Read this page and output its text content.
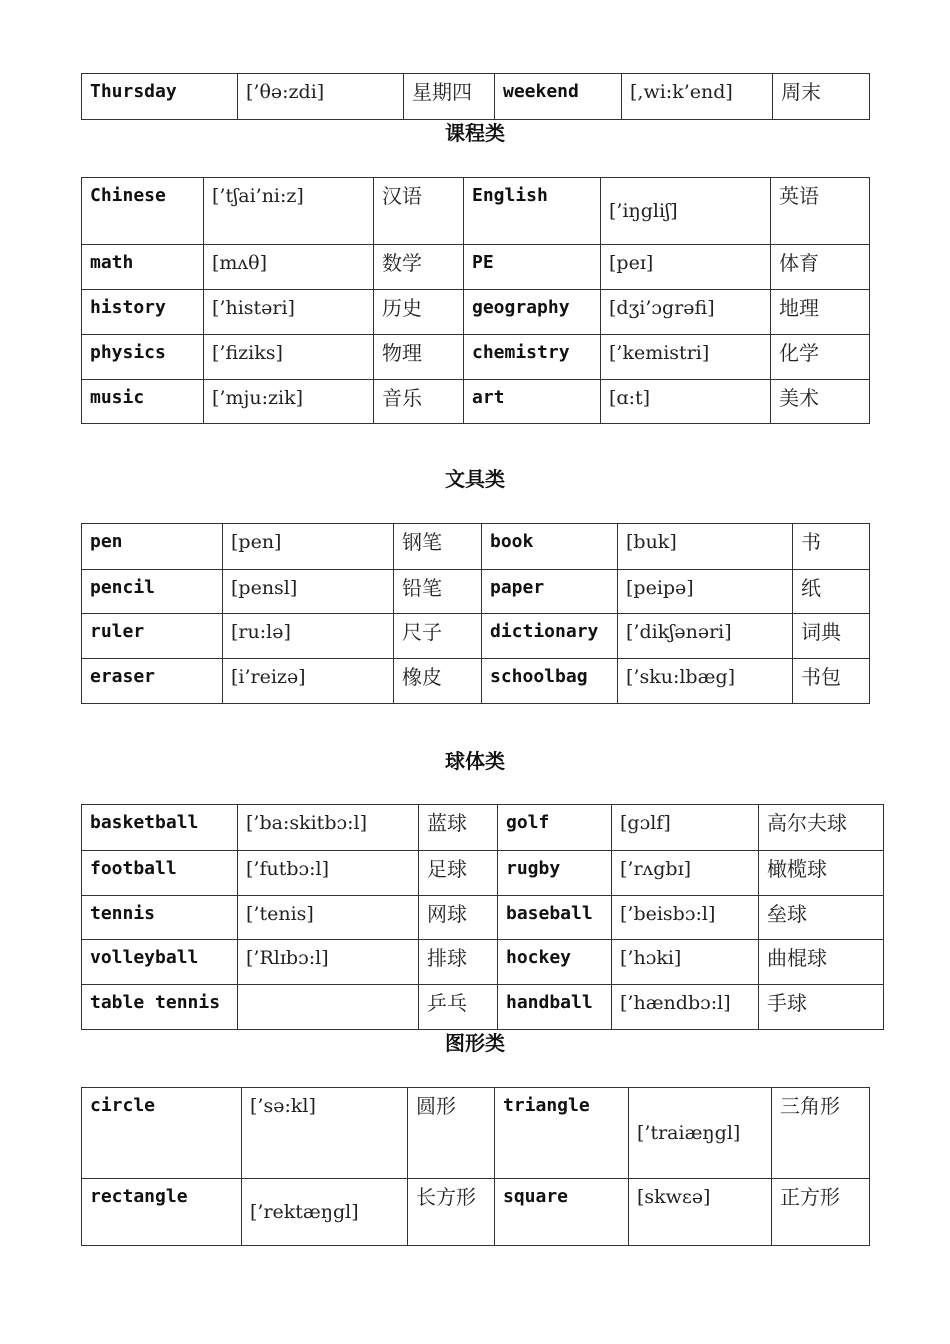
Thursday	[’θə:zdi]	星期四	weekend	[,wi:k’end]	周末
课程类
Chinese	[’tʃai’ni:z]	汉语	English	[’iŋgliʃ]	英语
math	[mʌθ]	数学	PE	[peɪ]	体育
history	[’histəri]	历史	geography	[dʒi’ɔgrəfi]	地理
physics	[’fiziks]	物理	chemistry	[’kemistri]	化学
music	[’mju:zik]	音乐	art	[ɑ:t]	美术
文具类
pen	[pen]	钢笔	book	[buk]	书
pencil	[pensl]	铅笔	paper	[peipə]	纸
ruler	[ru:lə]	尺子	dictionary	[’dikʃənəri]	词典
eraser	[i’reizə]	橡皮	schoolbag	[’sku:lbæg]	书包
球体类
basketball	[’ba:skitbɔ:l]	蓝球	golf	[gɔlf]	高尔夫球
football	[’futbɔ:l]	足球	rugby	[’rʌgbɪ]	橄榄球
tennis	[’tenis]	网球	baseball	[’beisbɔ:l]	垒球
volleyball	[’Rlɪbɔ:l]	排球	hockey	[’hɔki]	曲棍球
table tennis		乒乓	handball	[’hændbɔ:l]	手球
图形类
circle	[’sə:kl]	圆形	triangle	[’traiæŋgl]	三角形
rectangle	[’rektæŋgl]	长方形	square	[skwɛə]	正方形
